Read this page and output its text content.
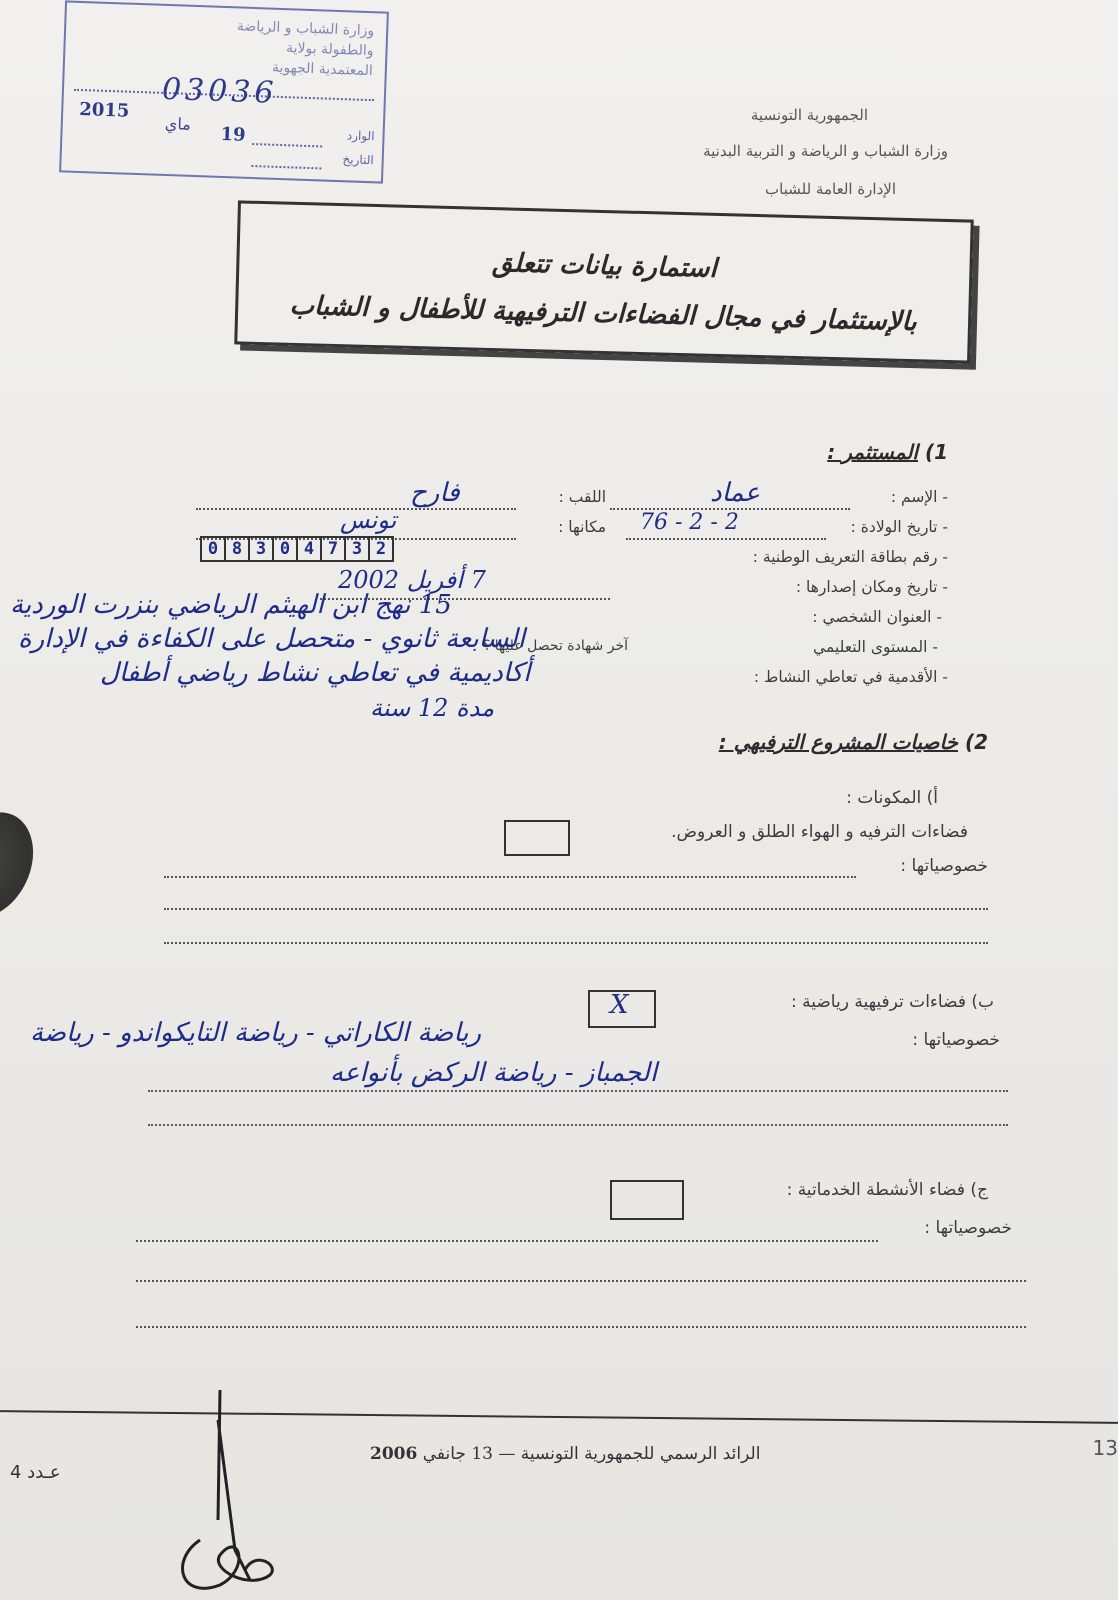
وزارة الشباب و الرياضة
والطفولة بولاية
المعتمدية الجهوية
03036
2015
ماي
19	الوارد
التاريخ
الجمهورية التونسية
وزارة الشباب و الرياضة و التربية البدنية
الإدارة العامة للشباب
استمارة بيانات تتعلق
بالإستثمار في مجال الفضاءات الترفيهية للأطفال و الشباب
1) المستثمر :
- الإسم :
عماد
اللقب :
فارح
- تاريخ الولادة :
76 - 2 - 2
مكانها :
تونس
- رقم بطاقة التعريف الوطنية :
0 8 3 0 4 7 3 2
- تاريخ ومكان إصدارها :
7 أفريل 2002
- العنوان الشخصي :
15 نهج ابن الهيثم الرياضي بنزرت الوردية
- المستوى التعليمي
آخر شهادة تحصل عليها ؟
السابعة ثانوي - متحصل على الكفاءة في الإدارة
- الأقدمية في تعاطي النشاط :
أكاديمية في تعاطي نشاط رياضي أطفال
مدة 12 سنة
2) خاصيات المشروع الترفيهي :
أ) المكونات :
فضاءات الترفيه و الهواء الطلق و العروض.
خصوصياتها :
ب) فضاءات ترفيهية رياضية :
X
خصوصياتها :
رياضة الكاراتي - رياضة التايكواندو - رياضة
الجمباز - رياضة الركض بأنواعه
ج) فضاء الأنشطة الخدماتية :
خصوصياتها :
الرائد الرسمي للجمهورية التونسية — 13 جانفي 2006
عـدد 4
13
